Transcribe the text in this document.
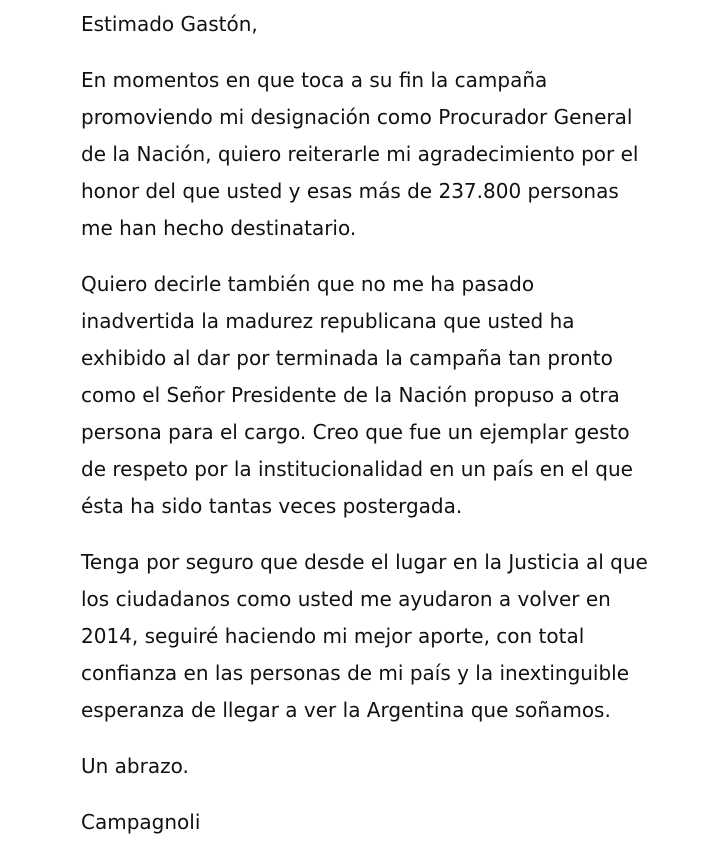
Estimado Gastón,
En momentos en que toca a su fin la campaña
promoviendo mi designación como Procurador General
de la Nación, quiero reiterarle mi agradecimiento por el
honor del que usted y esas más de 237.800 personas
me han hecho destinatario.
Quiero decirle también que no me ha pasado
inadvertida la madurez republicana que usted ha
exhibido al dar por terminada la campaña tan pronto
como el Señor Presidente de la Nación propuso a otra
persona para el cargo. Creo que fue un ejemplar gesto
de respeto por la institucionalidad en un país en el que
ésta ha sido tantas veces postergada.
Tenga por seguro que desde el lugar en la Justicia al que
los ciudadanos como usted me ayudaron a volver en
2014, seguiré haciendo mi mejor aporte, con total
confianza en las personas de mi país y la inextinguible
esperanza de llegar a ver la Argentina que soñamos.
Un abrazo.
Campagnoli
